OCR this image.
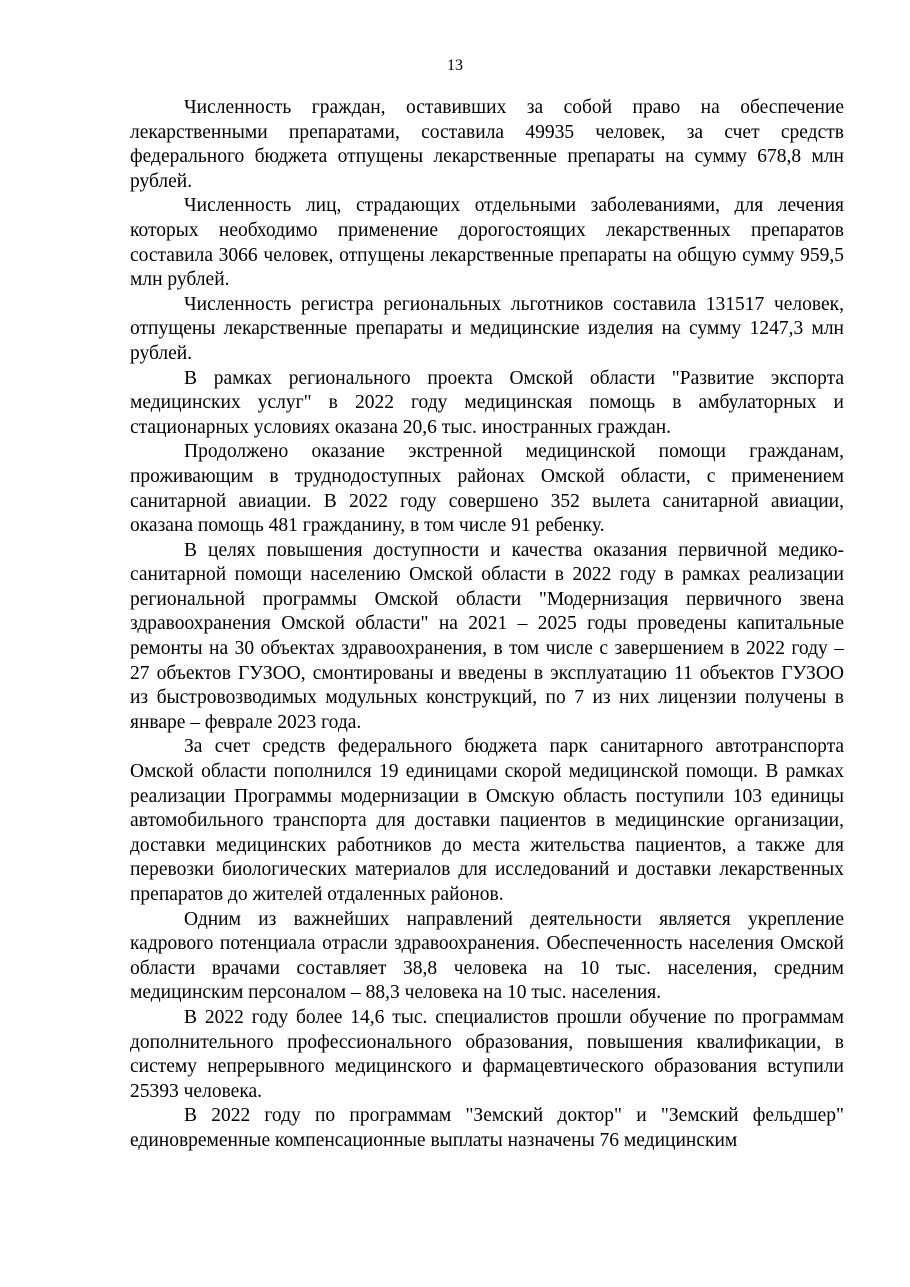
13

Численность граждан, оставивших за собой право на обеспечение лекарственными препаратами, составила 49935 человек, за счет средств федерального бюджета отпущены лекарственные препараты на сумму 678,8 млн рублей.

Численность лиц, страдающих отдельными заболеваниями, для лечения которых необходимо применение дорогостоящих лекарственных препаратов составила 3066 человек, отпущены лекарственные препараты на общую сумму 959,5 млн рублей.

Численность регистра региональных льготников составила 131517 человек, отпущены лекарственные препараты и медицинские изделия на сумму 1247,3 млн рублей.

В рамках регионального проекта Омской области "Развитие экспорта медицинских услуг" в 2022 году медицинская помощь в амбулаторных и стационарных условиях оказана 20,6 тыс. иностранных граждан.

Продолжено оказание экстренной медицинской помощи гражданам, проживающим в труднодоступных районах Омской области, с применением санитарной авиации. В 2022 году совершено 352 вылета санитарной авиации, оказана помощь 481 гражданину, в том числе 91 ребенку.

В целях повышения доступности и качества оказания первичной медико-санитарной помощи населению Омской области в 2022 году в рамках реализации региональной программы Омской области "Модернизация первичного звена здравоохранения Омской области" на 2021 – 2025 годы проведены капитальные ремонты на 30 объектах здравоохранения, в том числе с завершением в 2022 году – 27 объектов ГУЗОО, смонтированы и введены в эксплуатацию 11 объектов ГУЗОО из быстровозводимых модульных конструкций, по 7 из них лицензии получены в январе – феврале 2023 года.

За счет средств федерального бюджета парк санитарного автотранспорта Омской области пополнился 19 единицами скорой медицинской помощи. В рамках реализации Программы модернизации в Омскую область поступили 103 единицы автомобильного транспорта для доставки пациентов в медицинские организации, доставки медицинских работников до места жительства пациентов, а также для перевозки биологических материалов для исследований и доставки лекарственных препаратов до жителей отдаленных районов.

Одним из важнейших направлений деятельности является укрепление кадрового потенциала отрасли здравоохранения. Обеспеченность населения Омской области врачами составляет 38,8 человека на 10 тыс. населения, средним медицинским персоналом – 88,3 человека на 10 тыс. населения.

В 2022 году более 14,6 тыс. специалистов прошли обучение по программам дополнительного профессионального образования, повышения квалификации, в систему непрерывного медицинского и фармацевтического образования вступили 25393 человека.

В 2022 году по программам "Земский доктор" и "Земский фельдшер" единовременные компенсационные выплаты назначены 76 медицинским
